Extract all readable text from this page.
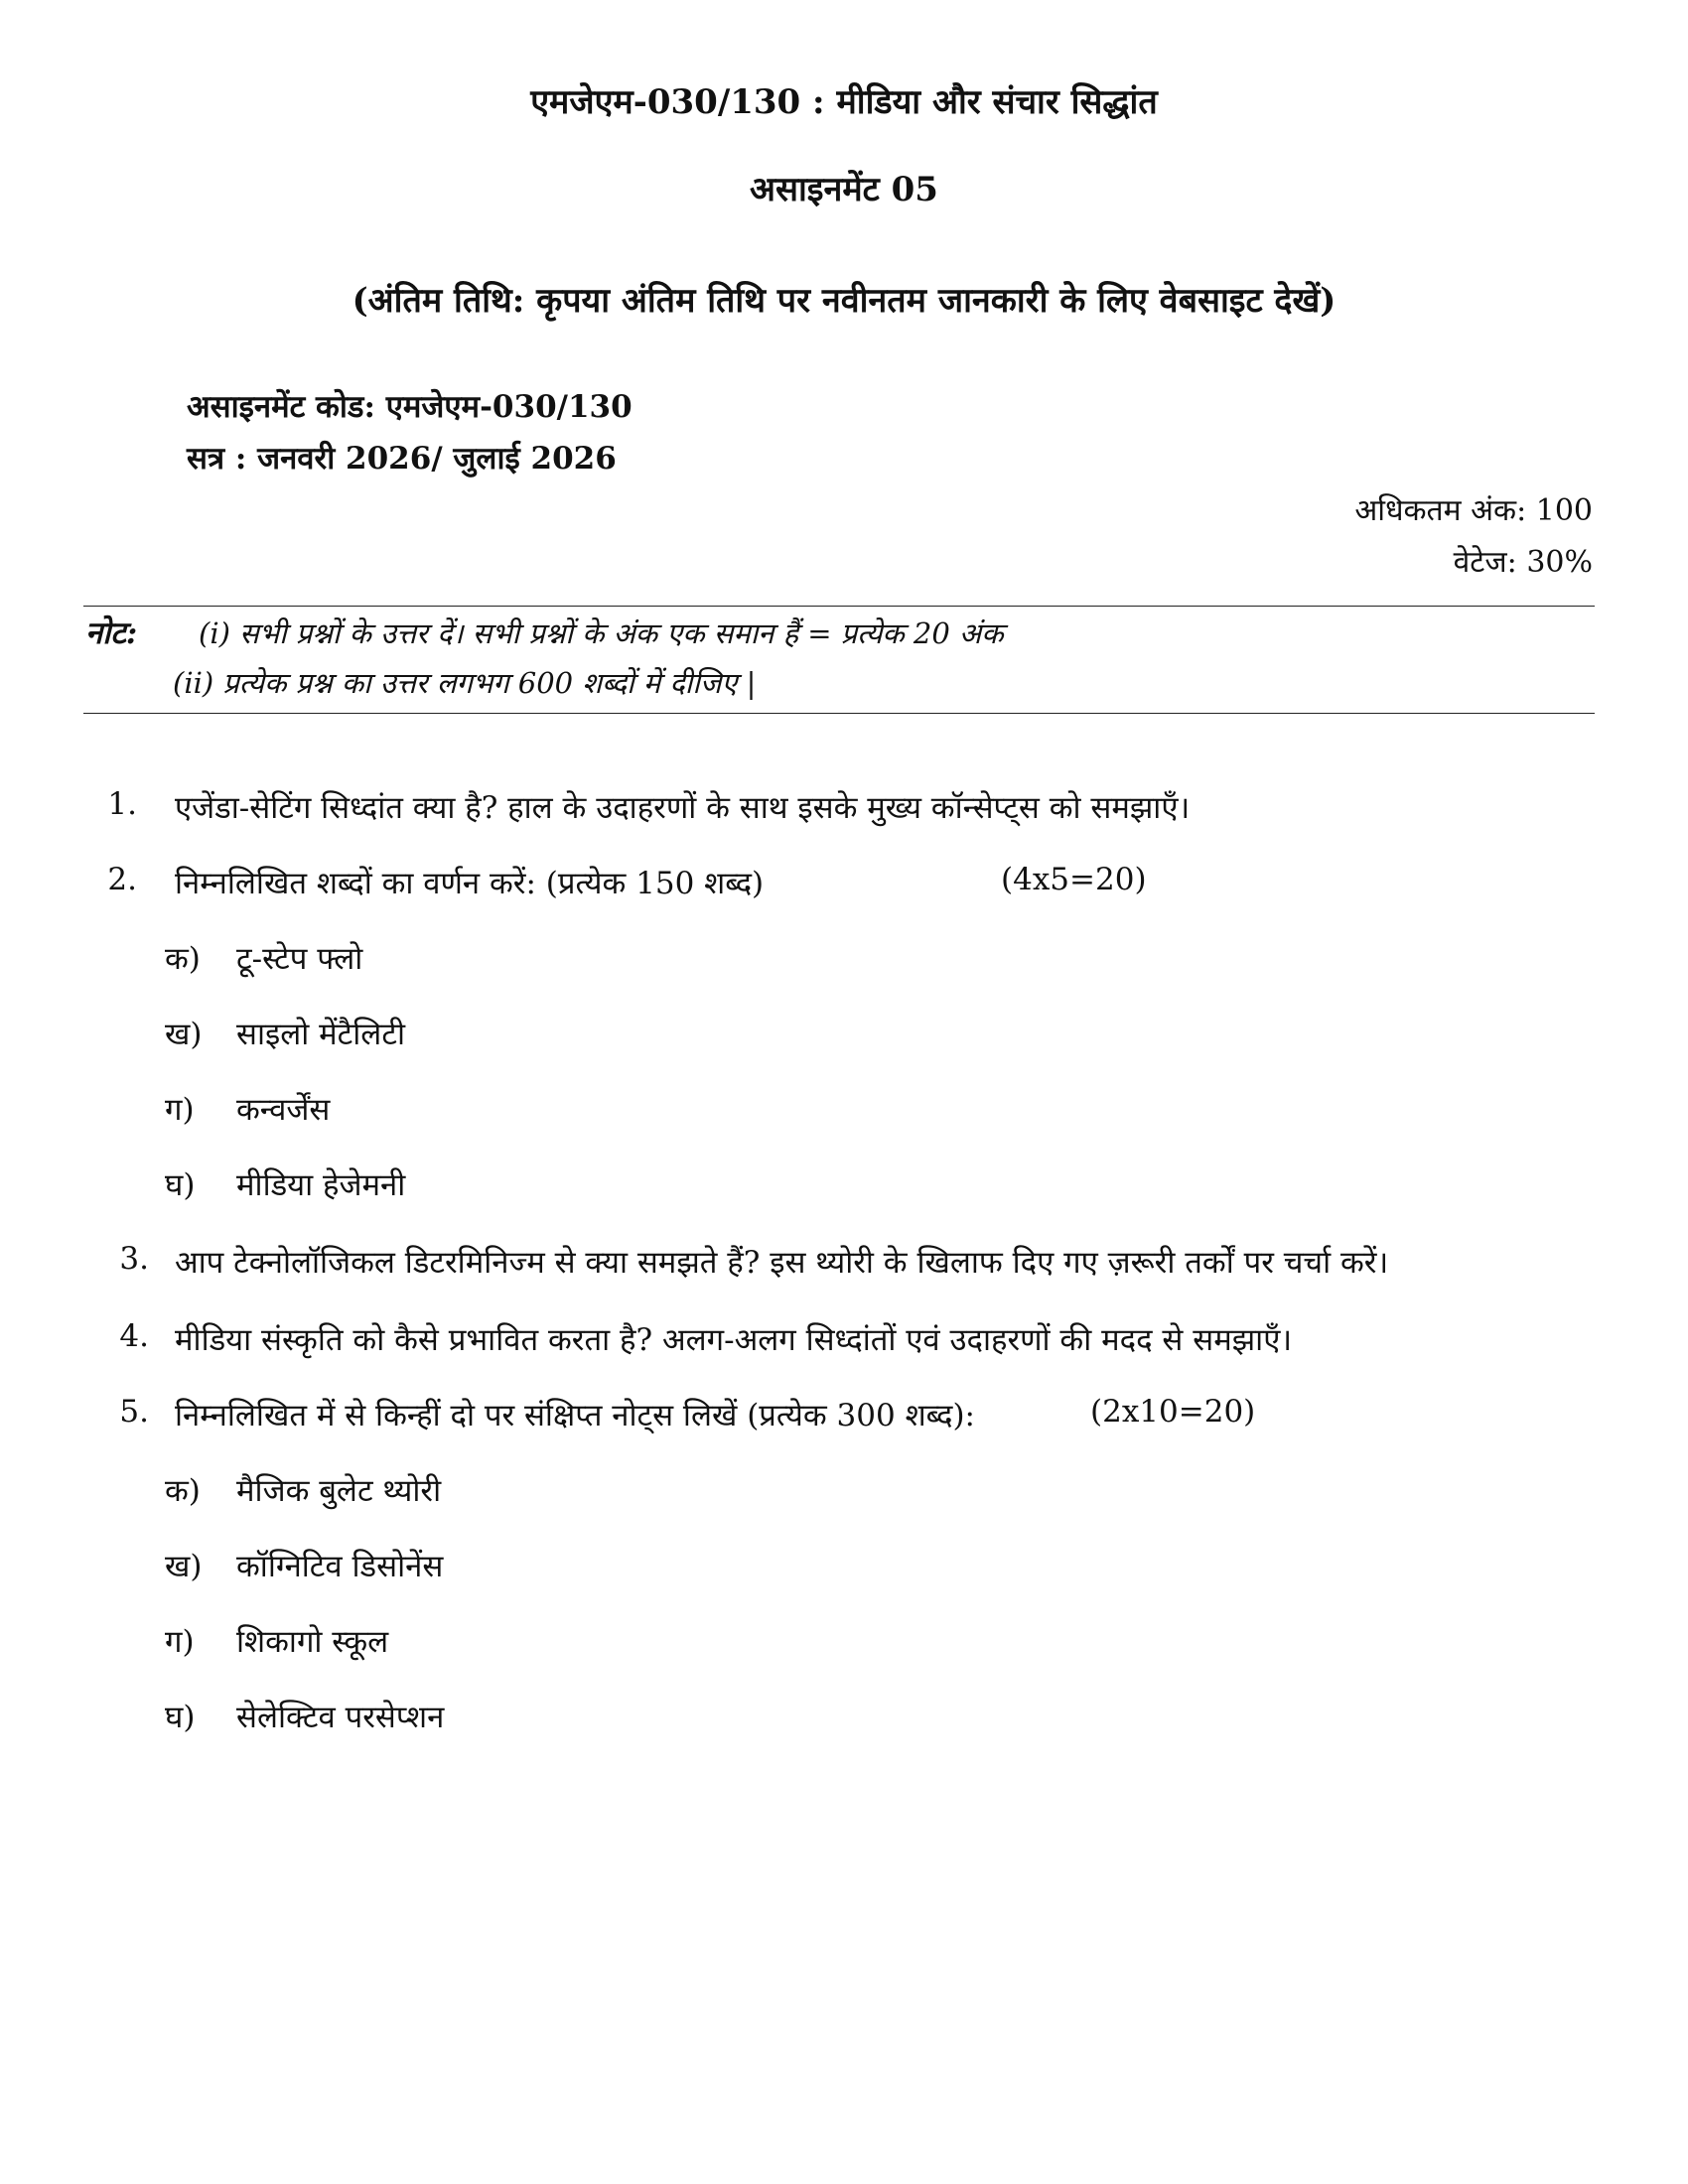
एमजेएम-030/130 : मीडिया और संचार सिद्धांत
असाइनमेंट 05
(अंतिम तिथि: कृपया अंतिम तिथि पर नवीनतम जानकारी के लिए वेबसाइट देखें)
असाइनमेंट कोड: एमजेएम-030/130
सत्र : जनवरी 2026/ जुलाई 2026
अधिकतम अंक: 100
वेटेज: 30%
नोट: (i) सभी प्रश्नों के उत्तर दें। सभी प्रश्नों के अंक एक समान हैं = प्रत्येक 20 अंक
(ii) प्रत्येक प्रश्न का उत्तर लगभग 600 शब्दों में दीजिए |
1. एजेंडा-सेटिंग सिध्दांत क्या है? हाल के उदाहरणों के साथ इसके मुख्य कॉन्सेप्ट्स को समझाएँ।
2. निम्नलिखित शब्दों का वर्णन करें: (प्रत्येक 150 शब्द)	(4x5=20)
क) टू-स्टेप फ्लो
ख) साइलो मेंटैलिटी
ग) कन्वर्जेंस
घ) मीडिया हेजेमनी
3. आप टेक्नोलॉजिकल डिटरमिनिज्म से क्या समझते हैं? इस थ्योरी के खिलाफ दिए गए ज़रूरी तर्कों पर चर्चा करें।
4. मीडिया संस्कृति को कैसे प्रभावित करता है? अलग-अलग सिध्दांतों एवं उदाहरणों की मदद से समझाएँ।
5. निम्नलिखित में से किन्हीं दो पर संक्षिप्त नोट्स लिखें (प्रत्येक 300 शब्द):	(2x10=20)
क) मैजिक बुलेट थ्योरी
ख) कॉग्निटिव डिसोनेंस
ग) शिकागो स्कूल
घ) सेलेक्टिव परसेप्शन
